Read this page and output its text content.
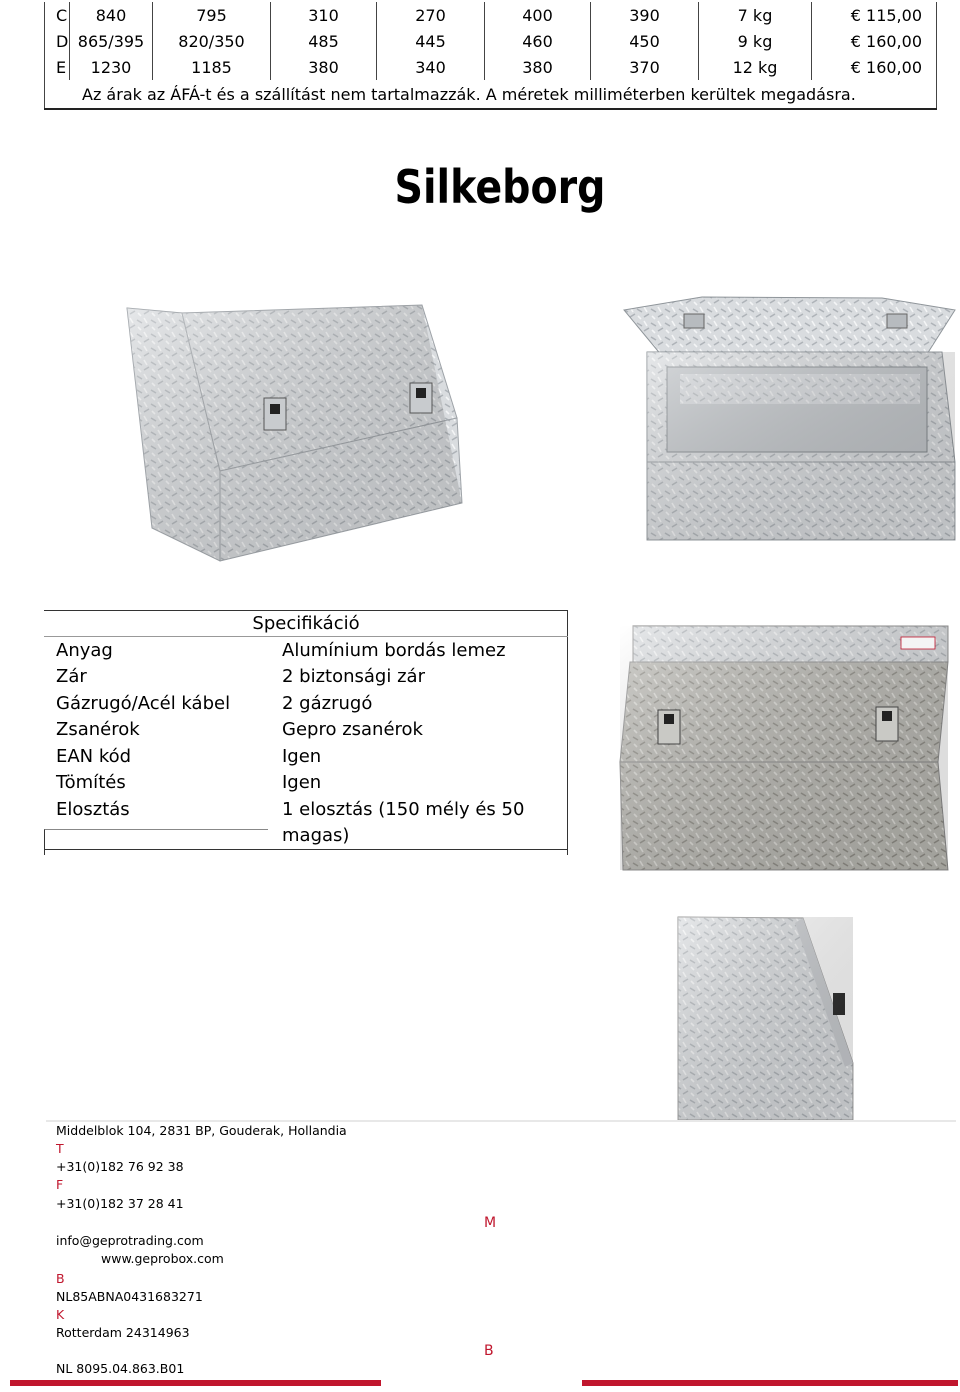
C	840	795	310	270	400	390	7 kg	€ 115,00
D	865/395	820/350	485	445	460	450	9 kg	€ 160,00
E	1230	1185	380	340	380	370	12 kg	€ 160,00
Az árak az ÁFÁ-t és a szállítást nem tartalmazzák. A méretek milliméterben kerültek megadásra.								
Silkeborg
Specifikáció	
Anyag	Alumínium bordás lemez
Zár	2 biztonsági zár
Gázrugó/Acél kábel	2 gázrugó
Zsanérok	Gepro zsanérok
EAN kód	Igen
Tömítés	Igen
Elosztás	1 elosztás (150 mély és 50 magas)
Middelblok 104, 2831 BP, Gouderak, Hollandia
T
+31(0)182 76 92 38
F
+31(0)182 37 28 41
M
info@geprotrading.com
www.geprobox.com
B
NL85ABNA0431683271
K
Rotterdam 24314963
B
NL 8095.04.863.B01
